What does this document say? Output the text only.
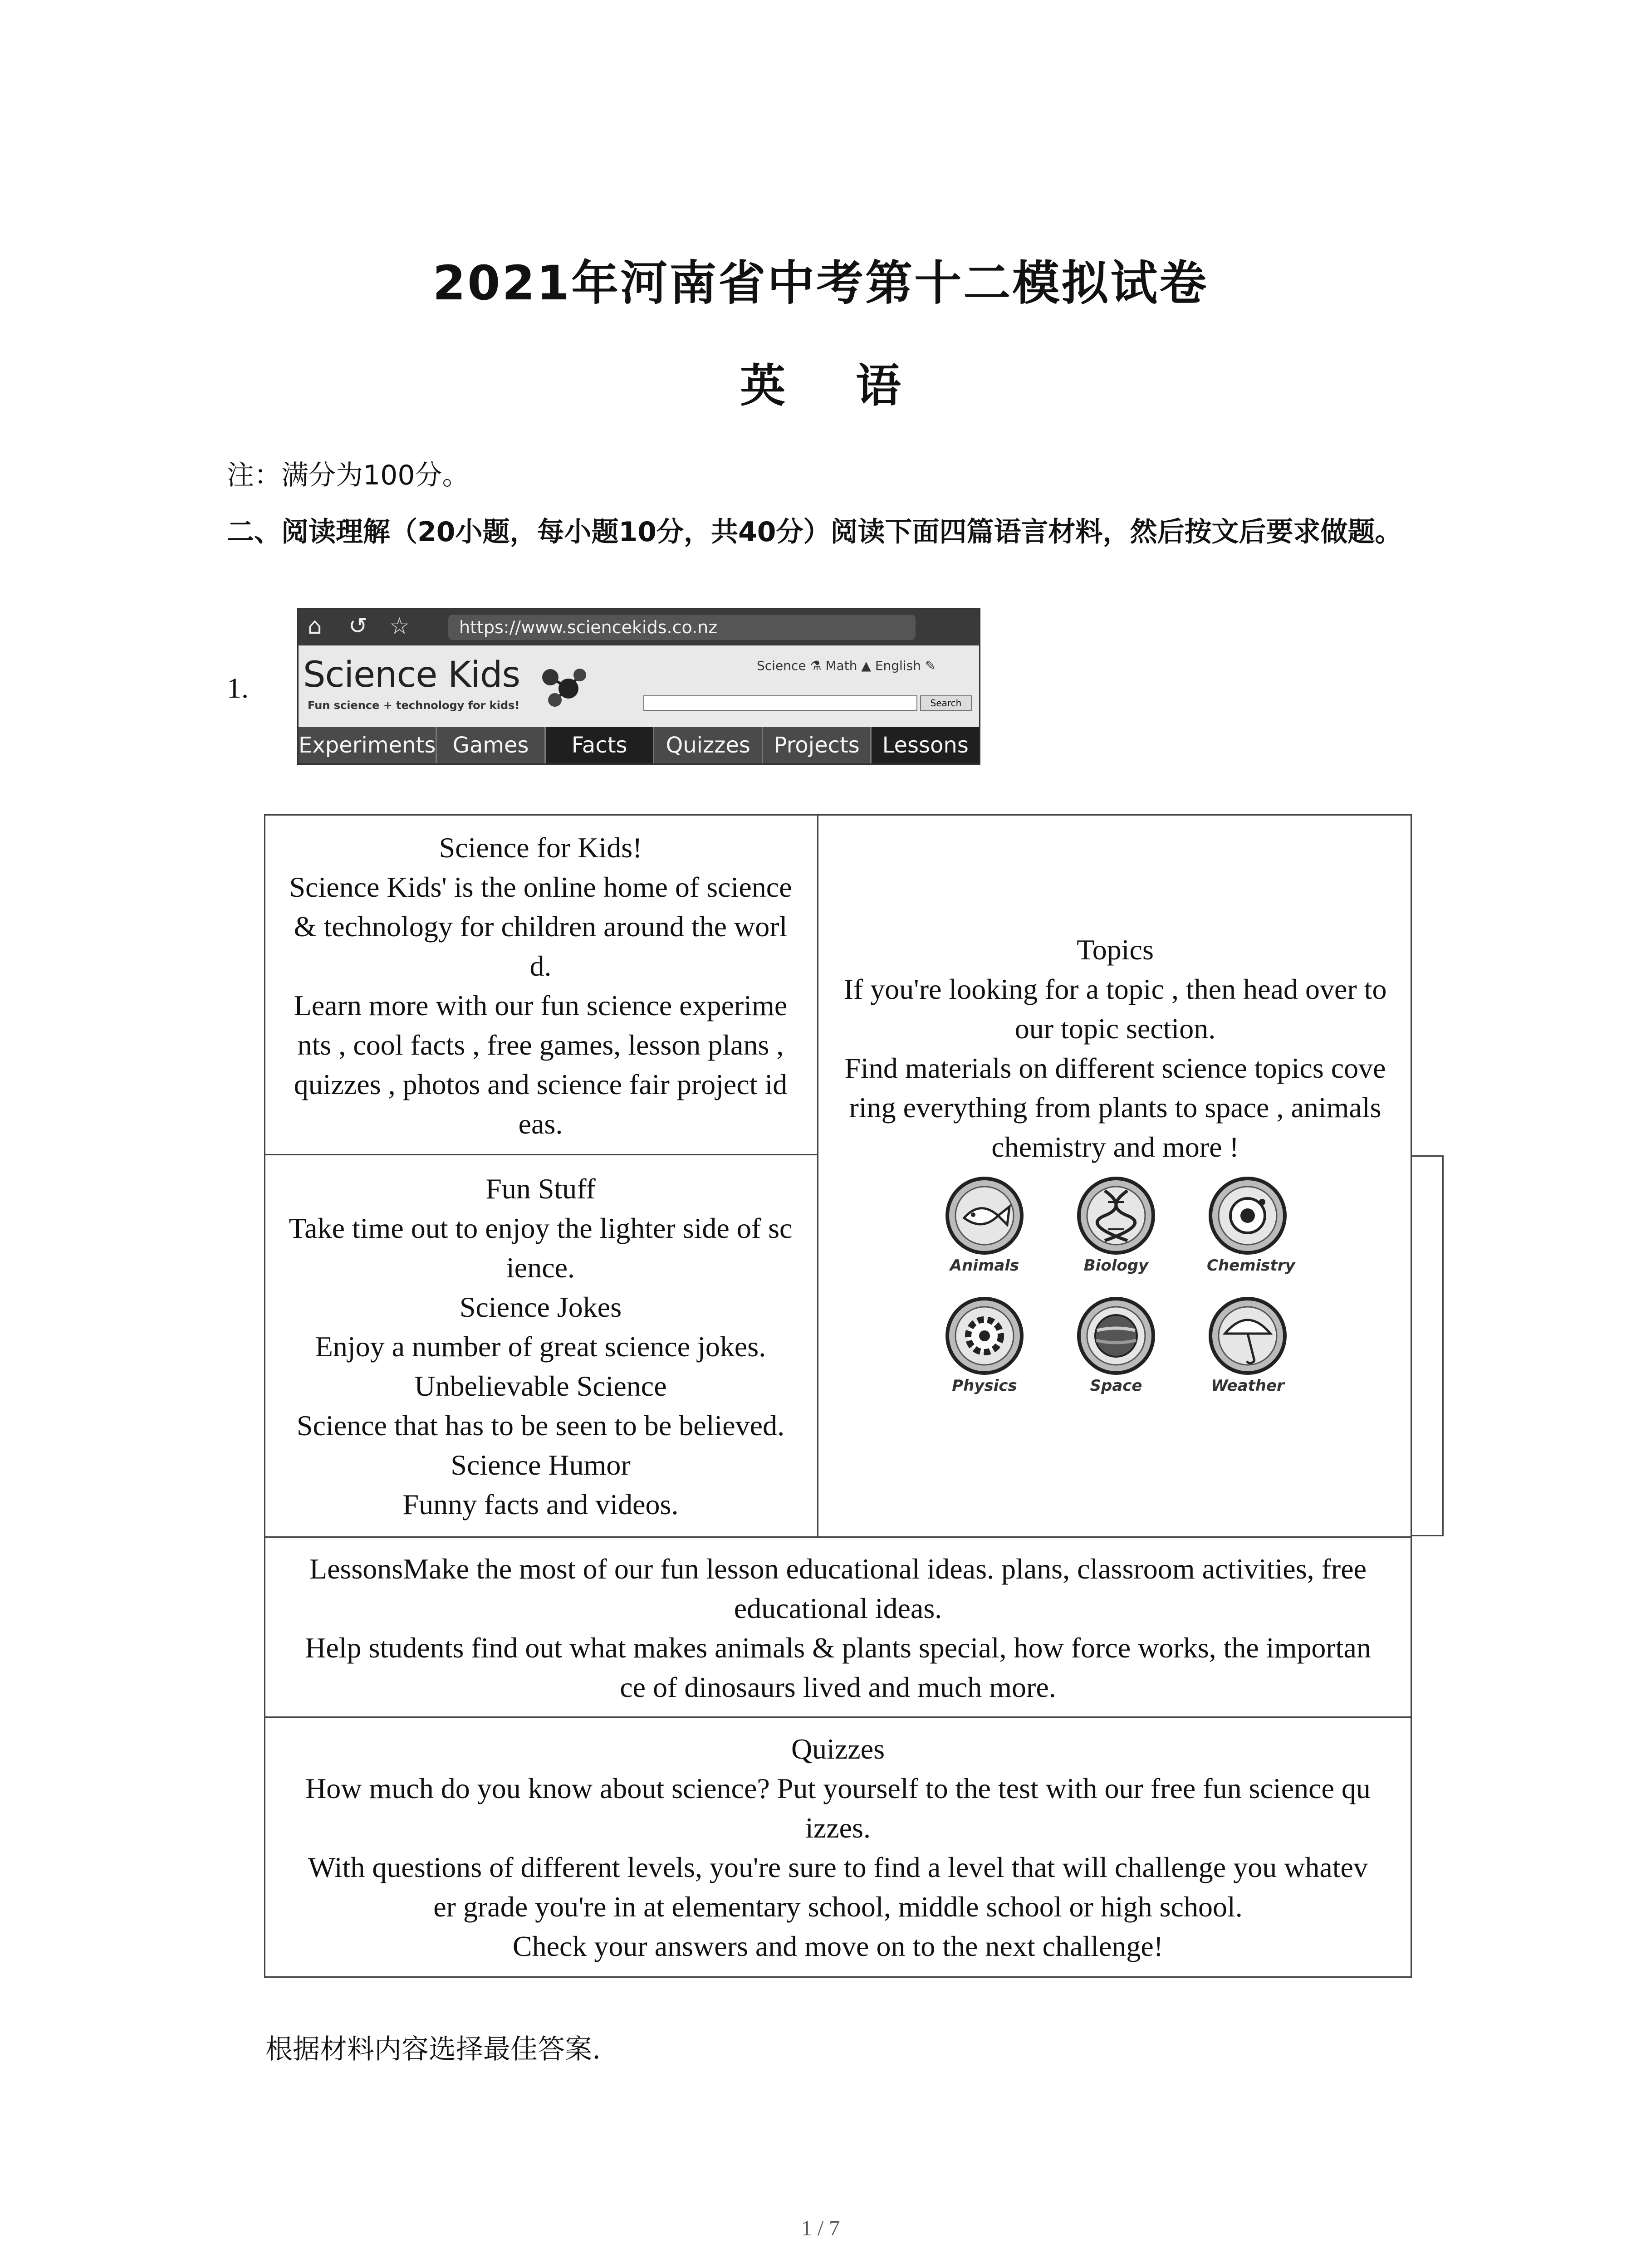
2021年河南省中考第十二模拟试卷
英 语
注：满分为100分。
二、阅读理解（20小题，每小题10分，共40分）阅读下面四篇语言材料，然后按文后要求做题。
1.
⌂ ↺ ☆	https://www.sciencekids.co.nz
Science Kids
Fun science + technology for kids!
Science ⚗ Math ▲ English ✎
Search
Experiments Games	Facts	Quizzes	Projects	Lessons
Science for Kids!
Science Kids' is the online home of science
& technology for children around the worl
d.
Learn more with our fun science experime
nts , cool facts , free games, lesson plans ,
quizzes , photos and science fair project id
eas.
Fun Stuff
Take time out to enjoy the lighter side of sc
ience.
Science Jokes
Enjoy a number of great science jokes.
Unbelievable Science
Science that has to be seen to be believed.
Science Humor
Funny facts and videos.
Topics
If you're looking for a topic , then head over to
our topic section.
Find materials on different science topics cove
ring everything from plants to space , animals
chemistry and more !
Animals	Biology	Chemistry
Physics	Space	Weather
LessonsMake the most of our fun lesson educational ideas. plans, classroom activities, free
educational ideas.
Help students find out what makes animals & plants special, how force works, the importan
ce of dinosaurs lived and much more.
Quizzes
How much do you know about science? Put yourself to the test with our free fun science qu
izzes.
With questions of different levels, you're sure to find a level that will challenge you whatev
er grade you're in at elementary school, middle school or high school.
Check your answers and move on to the next challenge!
根据材料内容选择最佳答案.
1 / 7
